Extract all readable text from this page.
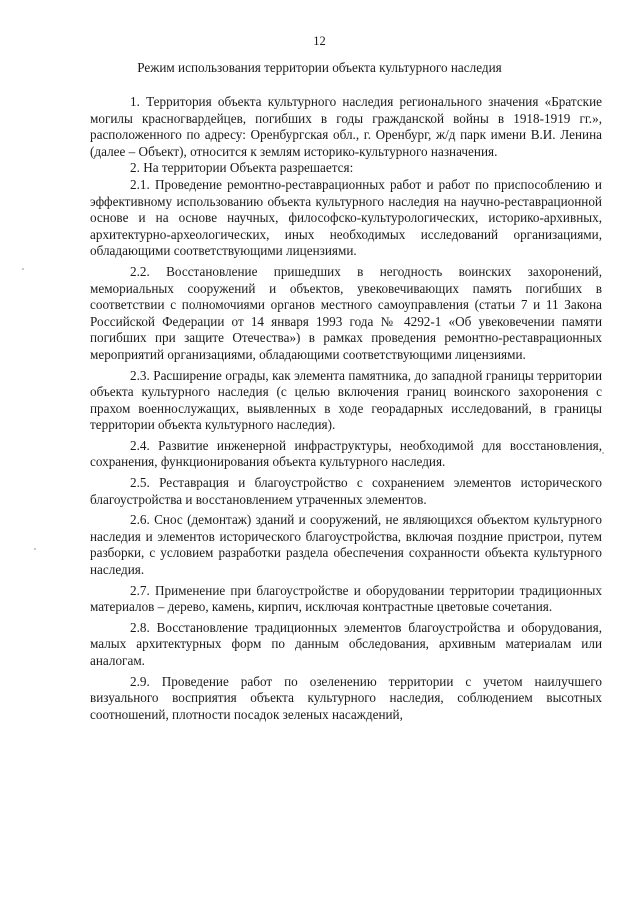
12
Режим использования территории объекта культурного наследия

1. Территория объекта культурного наследия регионального значения «Братские могилы красногвардейцев, погибших в годы гражданской войны в 1918-1919 гг.», расположенного по адресу: Оренбургская обл., г. Оренбург, ж/д парк имени В.И. Ленина (далее – Объект), относится к землям историко-культурного назначения.

2. На территории Объекта разрешается:

2.1. Проведение ремонтно-реставрационных работ и работ по приспособлению и эффективному использованию объекта культурного наследия на научно-реставрационной основе и на основе научных, философско-культурологических, историко-архивных, архитектурно-археологических, иных необходимых исследований организациями, обладающими соответствующими лицензиями.

2.2. Восстановление пришедших в негодность воинских захоронений, мемориальных сооружений и объектов, увековечивающих память погибших в соответствии с полномочиями органов местного самоуправления (статьи 7 и 11 Закона Российской Федерации от 14 января 1993 года № 4292-1 «Об увековечении памяти погибших при защите Отечества») в рамках проведения ремонтно-реставрационных мероприятий организациями, обладающими соответствующими лицензиями.

2.3. Расширение ограды, как элемента памятника, до западной границы территории объекта культурного наследия (с целью включения границ воинского захоронения с прахом военнослужащих, выявленных в ходе георадарных исследований, в границы территории объекта культурного наследия).

2.4. Развитие инженерной инфраструктуры, необходимой для восстановления, сохранения, функционирования объекта культурного наследия.

2.5. Реставрация и благоустройство с сохранением элементов исторического благоустройства и восстановлением утраченных элементов.

2.6. Снос (демонтаж) зданий и сооружений, не являющихся объектом культурного наследия и элементов исторического благоустройства, включая поздние пристрои, путем разборки, с условием разработки раздела обеспечения сохранности объекта культурного наследия.

2.7. Применение при благоустройстве и оборудовании территории традиционных материалов – дерево, камень, кирпич, исключая контрастные цветовые сочетания.

2.8. Восстановление традиционных элементов благоустройства и оборудования, малых архитектурных форм по данным обследования, архивным материалам или аналогам.

2.9. Проведение работ по озеленению территории с учетом наилучшего визуального восприятия объекта культурного наследия, соблюдением высотных соотношений, плотности посадок зеленых насаждений,
